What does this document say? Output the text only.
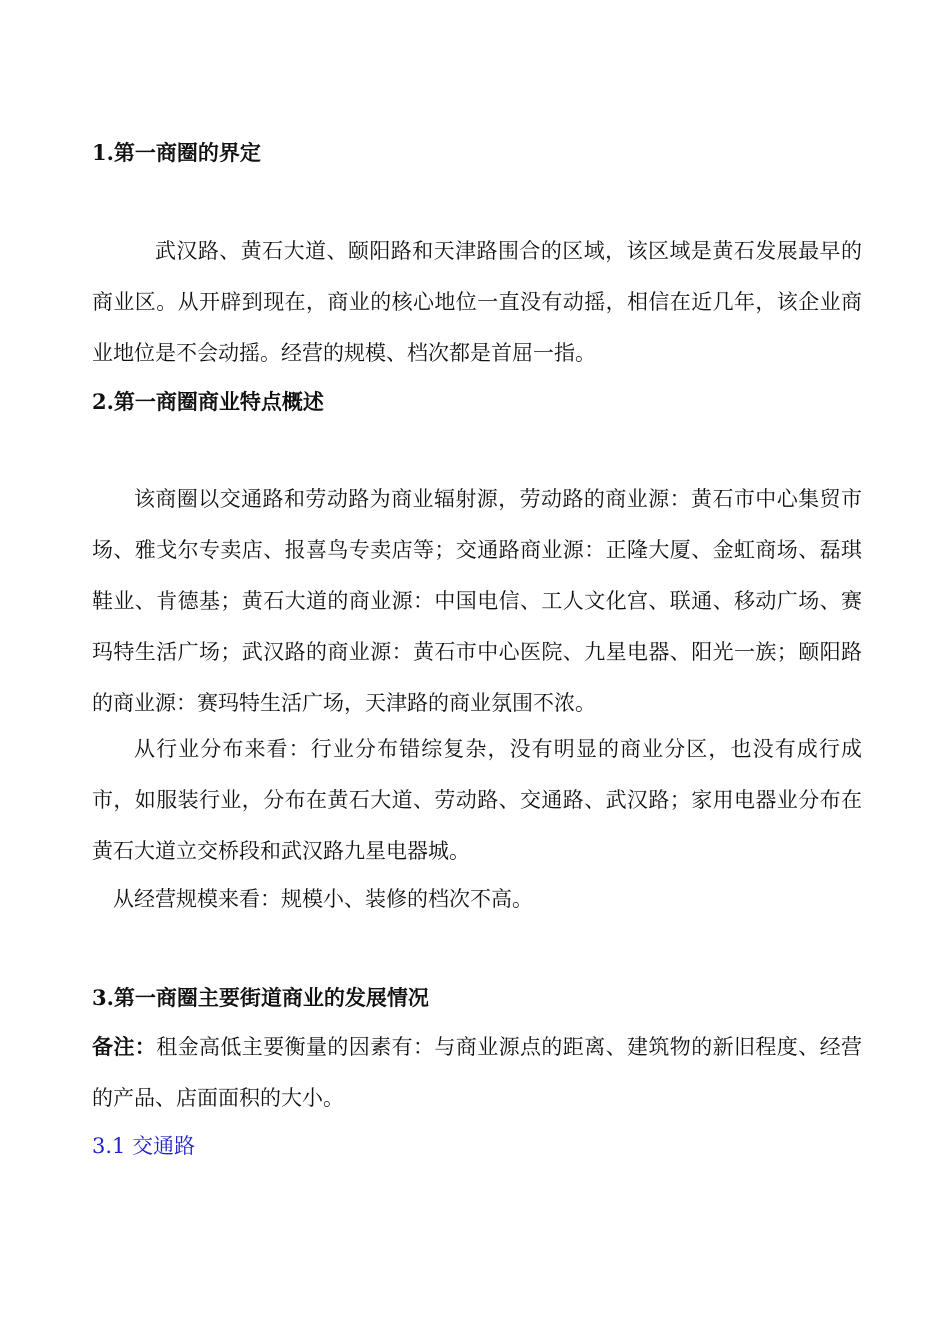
1.第一商圈的界定
武汉路、黄石大道、颐阳路和天津路围合的区域，该区域是黄石发展最早的商业区。从开辟到现在，商业的核心地位一直没有动摇，相信在近几年，该企业商业地位是不会动摇。经营的规模、档次都是首屈一指。
2.第一商圈商业特点概述
该商圈以交通路和劳动路为商业辐射源，劳动路的商业源：黄石市中心集贸市场、雅戈尔专卖店、报喜鸟专卖店等；交通路商业源：正隆大厦、金虹商场、磊琪鞋业、肯德基；黄石大道的商业源：中国电信、工人文化宫、联通、移动广场、赛玛特生活广场；武汉路的商业源：黄石市中心医院、九星电器、阳光一族；颐阳路的商业源：赛玛特生活广场，天津路的商业氛围不浓。
从行业分布来看：行业分布错综复杂，没有明显的商业分区，也没有成行成市，如服装行业，分布在黄石大道、劳动路、交通路、武汉路；家用电器业分布在黄石大道立交桥段和武汉路九星电器城。
从经营规模来看：规模小、装修的档次不高。
3.第一商圈主要街道商业的发展情况
备注：租金高低主要衡量的因素有：与商业源点的距离、建筑物的新旧程度、经营的产品、店面面积的大小。
3.1 交通路
